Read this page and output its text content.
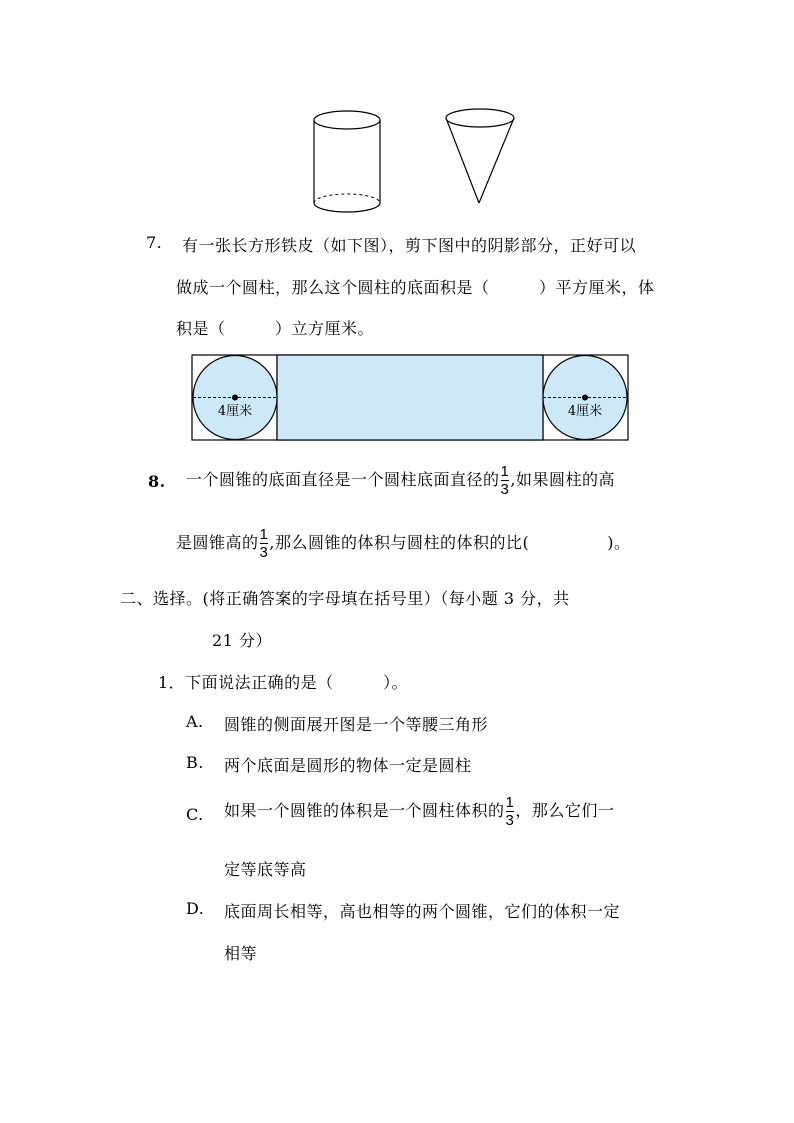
7. 有一张长方形铁皮（如下图），剪下图中的阴影部分，正好可以
做成一个圆柱，那么这个圆柱的底面积是（　　　）平方厘米，体
积是（　　　）立方厘米。
4厘米	4厘米
8. 一个圆锥的底面直径是一个圆柱底面直径的 $\frac{1}{3}$ ,如果圆柱的高
是圆锥高的 $\frac{1}{3}$ ,那么圆锥的体积与圆柱的体积的比(	)。
二、选择。(将正确答案的字母填在括号里）（每小题 3 分，共
21 分）
1．下面说法正确的是（　　　）。
A. 圆锥的侧面展开图是一个等腰三角形
B. 两个底面是圆形的物体一定是圆柱
C. 如果一个圆锥的体积是一个圆柱体积的 $\frac{1}{3}$ ，那么它们一
定等底等高
D. 底面周长相等，高也相等的两个圆锥，它们的体积一定
相等
